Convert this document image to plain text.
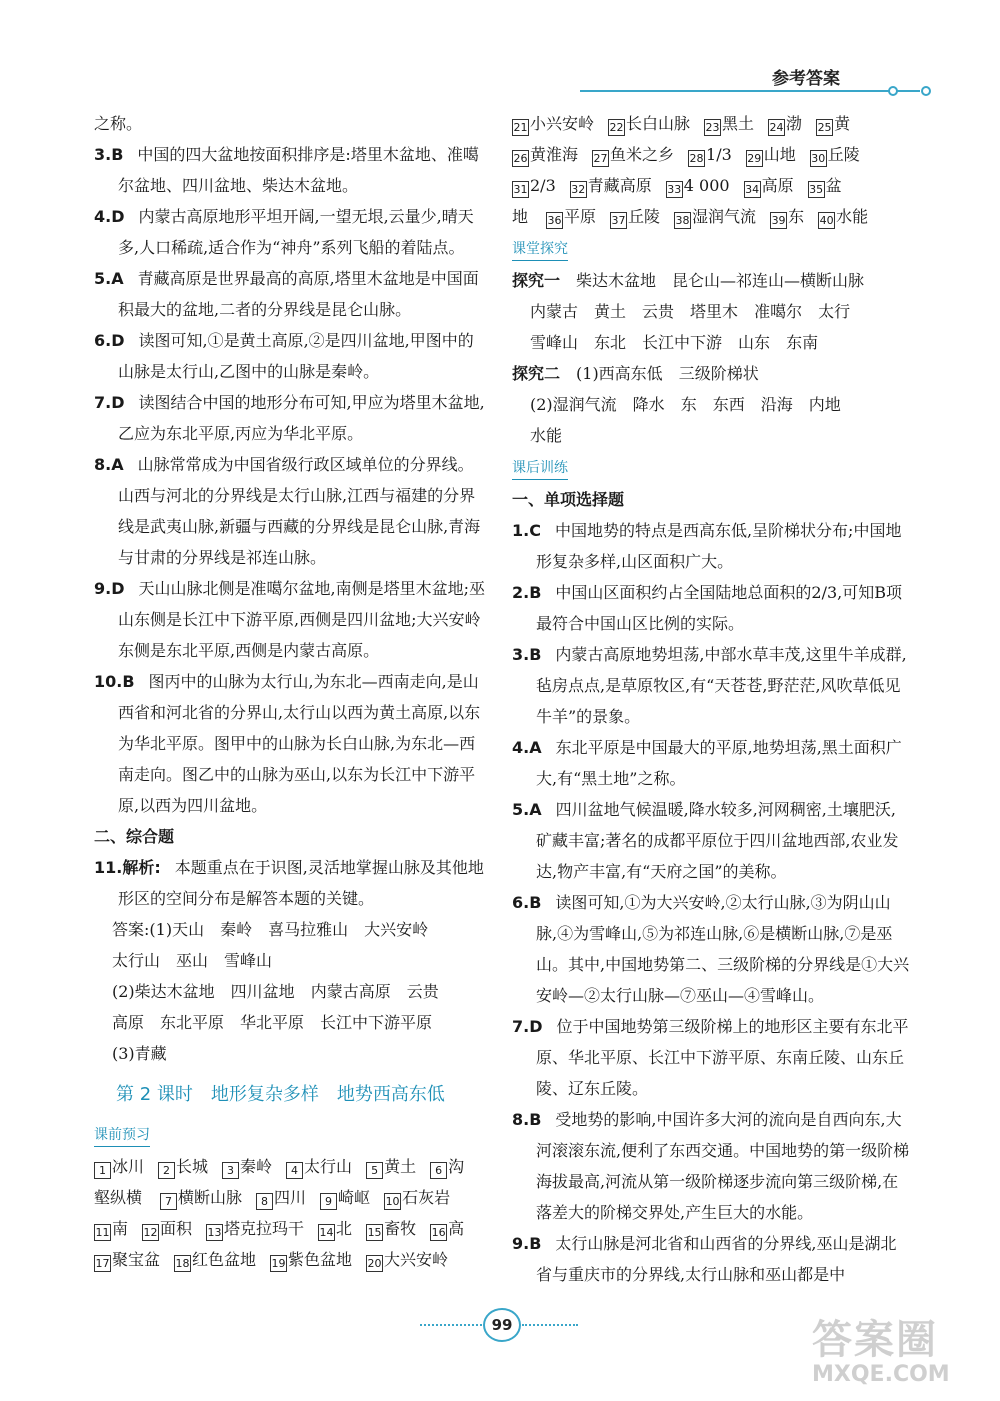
参考答案
之称。
3.B 中国的四大盆地按面积排序是:塔里木盆地、准噶尔盆地、四川盆地、柴达木盆地。
4.D 内蒙古高原地形平坦开阔,一望无垠,云量少,晴天多,人口稀疏,适合作为“神舟”系列飞船的着陆点。
5.A 青藏高原是世界最高的高原,塔里木盆地是中国面积最大的盆地,二者的分界线是昆仑山脉。
6.D 读图可知,①是黄土高原,②是四川盆地,甲图中的山脉是太行山,乙图中的山脉是秦岭。
7.D 读图结合中国的地形分布可知,甲应为塔里木盆地,乙应为东北平原,丙应为华北平原。
8.A 山脉常常成为中国省级行政区域单位的分界线。山西与河北的分界线是太行山脉,江西与福建的分界线是武夷山脉,新疆与西藏的分界线是昆仑山脉,青海与甘肃的分界线是祁连山脉。
9.D 天山山脉北侧是准噶尔盆地,南侧是塔里木盆地;巫山东侧是长江中下游平原,西侧是四川盆地;大兴安岭东侧是东北平原,西侧是内蒙古高原。
10.B 图丙中的山脉为太行山,为东北—西南走向,是山西省和河北省的分界山,太行山以西为黄土高原,以东为华北平原。图甲中的山脉为长白山脉,为东北—西南走向。图乙中的山脉为巫山,以东为长江中下游平原,以西为四川盆地。
二、综合题
11.解析: 本题重点在于识图,灵活地掌握山脉及其他地形区的空间分布是解答本题的关键。
答案:(1)天山 秦岭 喜马拉雅山 大兴安岭
太行山 巫山 雪峰山
(2)柴达木盆地 四川盆地 内蒙古高原 云贵
高原 东北平原 华北平原 长江中下游平原
(3)青藏
第 2 课时 地形复杂多样 地势西高东低
课前预习
1 冰川 2 长城 3 秦岭 4 太行山 5 黄土 6 沟
壑纵横 7 横断山脉 8 四川 9 崎岖 10 石灰岩
11 南 12 面积 13 塔克拉玛干 14 北 15 畜牧 16 高
17 聚宝盆 18 红色盆地 19 紫色盆地 20 大兴安岭
21 小兴安岭 22 长白山脉 23 黑土 24 渤 25 黄
26 黄淮海 27 鱼米之乡 28 1/3 29 山地 30 丘陵
31 2/3 32 青藏高原 33 4 000 34 高原 35 盆
地 36 平原 37 丘陵 38 湿润气流 39 东 40 水能
课堂探究
探究一 柴达木盆地 昆仑山—祁连山—横断山脉
内蒙古 黄土 云贵 塔里木 准噶尔 太行
雪峰山 东北 长江中下游 山东 东南
探究二 (1)西高东低 三级阶梯状
(2)湿润气流 降水 东 东西 沿海 内地
水能
课后训练
一、单项选择题
1.C 中国地势的特点是西高东低,呈阶梯状分布;中国地形复杂多样,山区面积广大。
2.B 中国山区面积约占全国陆地总面积的2/3,可知B项最符合中国山区比例的实际。
3.B 内蒙古高原地势坦荡,中部水草丰茂,这里牛羊成群,毡房点点,是草原牧区,有“天苍苍,野茫茫,风吹草低见牛羊”的景象。
4.A 东北平原是中国最大的平原,地势坦荡,黑土面积广大,有“黑土地”之称。
5.A 四川盆地气候温暖,降水较多,河网稠密,土壤肥沃,矿藏丰富;著名的成都平原位于四川盆地西部,农业发达,物产丰富,有“天府之国”的美称。
6.B 读图可知,①为大兴安岭,②太行山脉,③为阴山山脉,④为雪峰山,⑤为祁连山脉,⑥是横断山脉,⑦是巫山。其中,中国地势第二、三级阶梯的分界线是①大兴安岭—②太行山脉—⑦巫山—④雪峰山。
7.D 位于中国地势第三级阶梯上的地形区主要有东北平原、华北平原、长江中下游平原、东南丘陵、山东丘陵、辽东丘陵。
8.B 受地势的影响,中国许多大河的流向是自西向东,大河滚滚东流,便利了东西交通。中国地势的第一级阶梯海拔最高,河流从第一级阶梯逐步流向第三级阶梯,在落差大的阶梯交界处,产生巨大的水能。
9.B 太行山脉是河北省和山西省的分界线,巫山是湖北省与重庆市的分界线,太行山脉和巫山都是中
99	答案圈
MXQE.COM
